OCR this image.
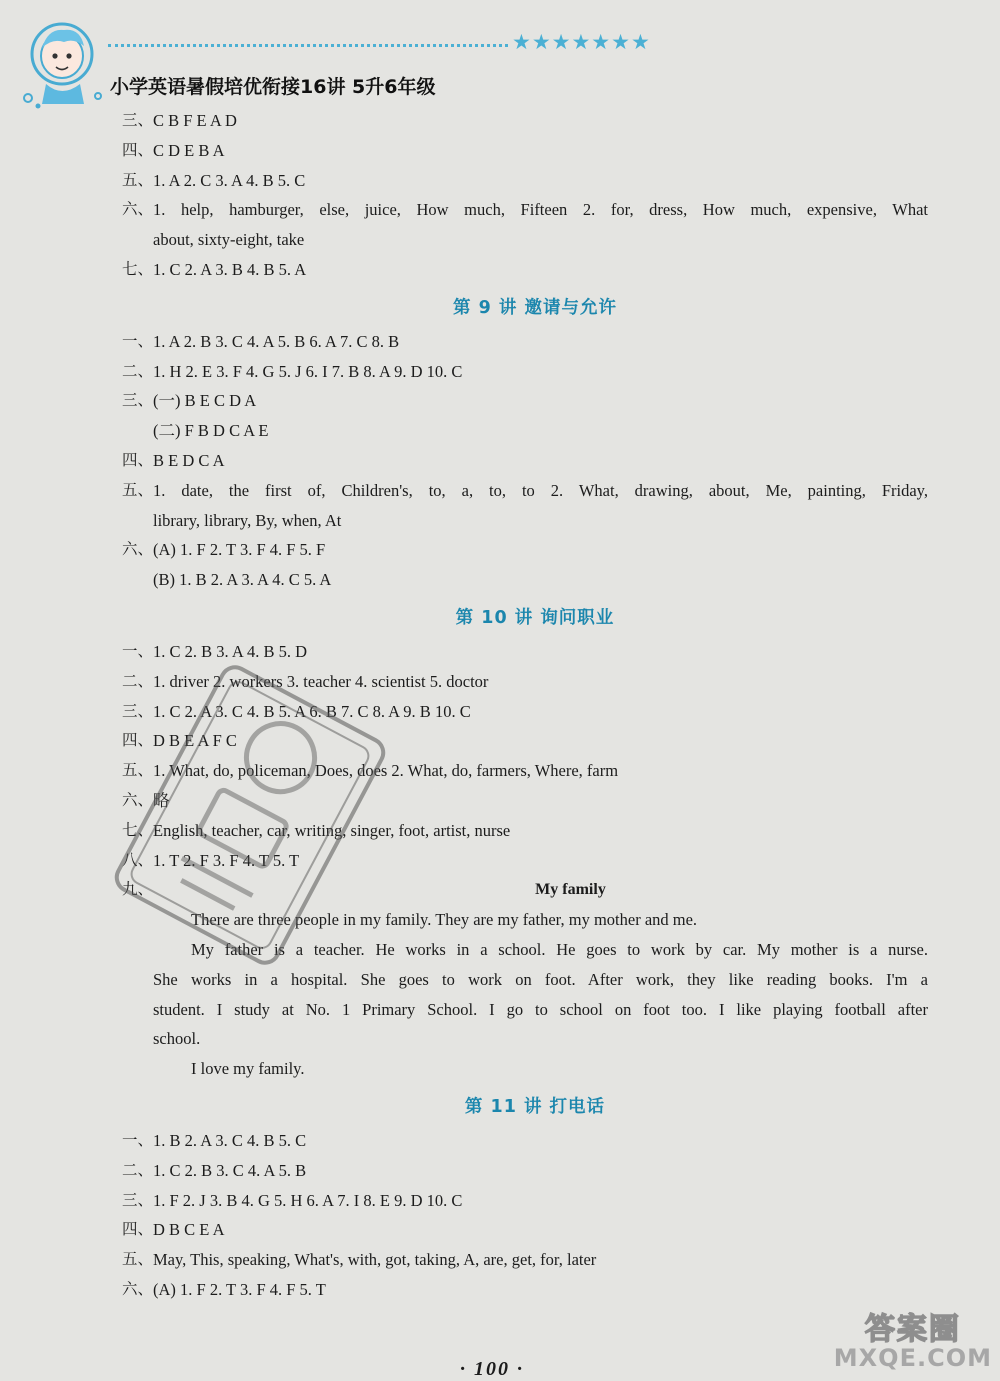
★★★★★★★
小学英语暑假培优衔接16讲 5升6年级
三、 C B F E A D
四、 C D E B A
五、 1. A 2. C 3. A 4. B 5. C
六、 1. help, hamburger, else, juice, How much, Fifteen 2. for, dress, How much, expensive, What
about, sixty-eight, take
七、 1. C 2. A 3. B 4. B 5. A
第 9 讲 邀请与允许
一、 1. A 2. B 3. C 4. A 5. B 6. A 7. C 8. B
二、 1. H 2. E 3. F 4. G 5. J 6. I 7. B 8. A 9. D 10. C
三、 (一) B E C D A
(二) F B D C A E
四、 B E D C A
五、 1. date, the first of, Children's, to, a, to, to 2. What, drawing, about, Me, painting, Friday,
library, library, By, when, At
六、 (A) 1. F 2. T 3. F 4. F 5. F
(B) 1. B 2. A 3. A 4. C 5. A
第 10 讲 询问职业
一、 1. C 2. B 3. A 4. B 5. D
二、 1. driver 2. workers 3. teacher 4. scientist 5. doctor
三、 1. C 2. A 3. C 4. B 5. A 6. B 7. C 8. A 9. B 10. C
四、 D B E A F C
五、 1. What, do, policeman, Does, does 2. What, do, farmers, Where, farm
六、 略
七、 English, teacher, car, writing, singer, foot, artist, nurse
八、 1. T 2. F 3. F 4. T 5. T
九、	My family
There are three people in my family. They are my father, my mother and me.
My father is a teacher. He works in a school. He goes to work by car. My mother is a nurse.
She works in a hospital. She goes to work on foot. After work, they like reading books. I'm a
student. I study at No. 1 Primary School. I go to school on foot too. I like playing football after
school.
I love my family.
第 11 讲 打电话
一、 1. B 2. A 3. C 4. B 5. C
二、 1. C 2. B 3. C 4. A 5. B
三、 1. F 2. J 3. B 4. G 5. H 6. A 7. I 8. E 9. D 10. C
四、 D B C E A
五、 May, This, speaking, What's, with, got, taking, A, are, get, for, later
六、 (A) 1. F 2. T 3. F 4. F 5. T
· 100 ·
答案圈
MXQE.COM
